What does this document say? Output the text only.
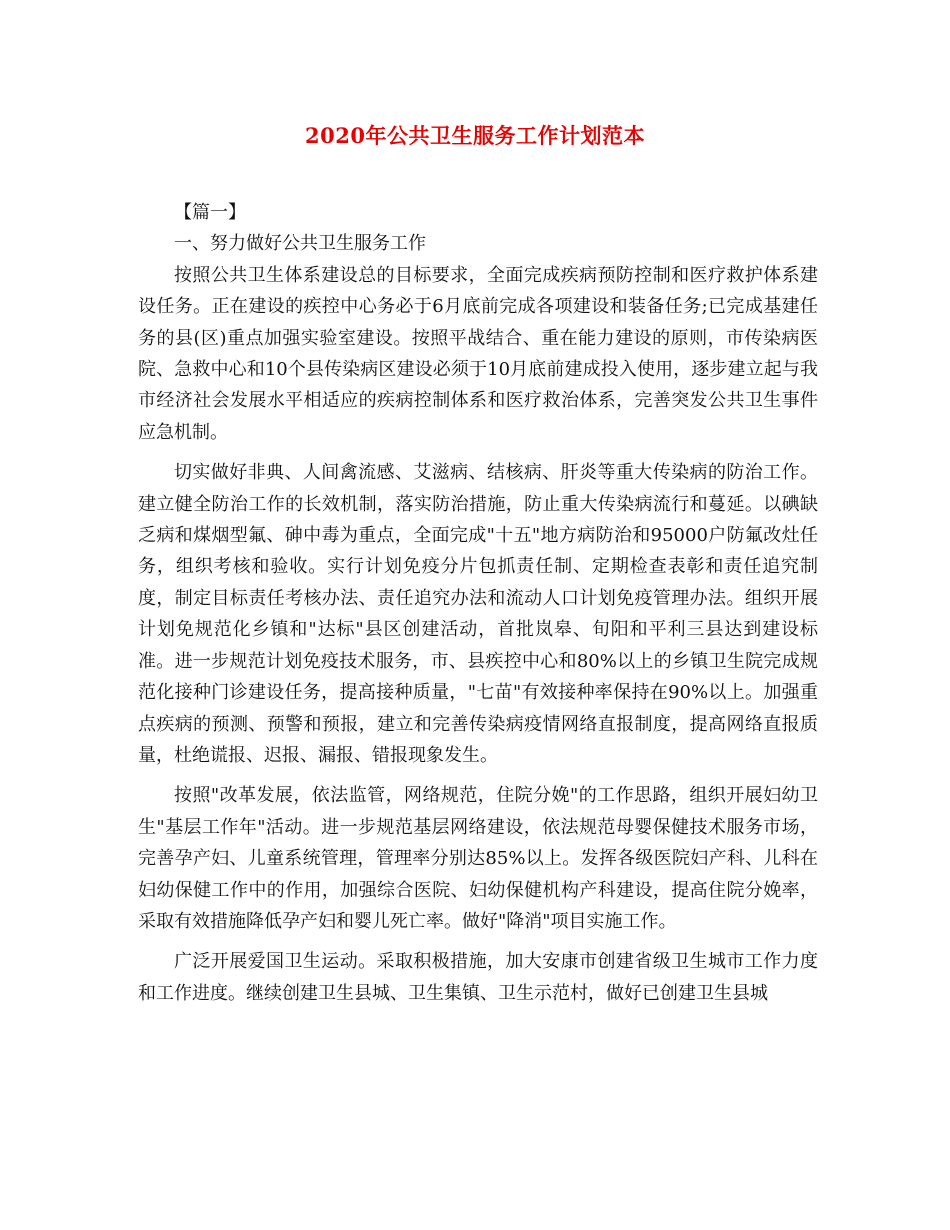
2020年公共卫生服务工作计划范本

【篇一】

一、努力做好公共卫生服务工作

按照公共卫生体系建设总的目标要求，全面完成疾病预防控制和医疗救护体系建设任务。正在建设的疾控中心务必于6月底前完成各项建设和装备任务;已完成基建任务的县(区)重点加强实验室建设。按照平战结合、重在能力建设的原则，市传染病医院、急救中心和10个县传染病区建设必须于10月底前建成投入使用，逐步建立起与我市经济社会发展水平相适应的疾病控制体系和医疗救治体系，完善突发公共卫生事件应急机制。

切实做好非典、人间禽流感、艾滋病、结核病、肝炎等重大传染病的防治工作。建立健全防治工作的长效机制，落实防治措施，防止重大传染病流行和蔓延。以碘缺乏病和煤烟型氟、砷中毒为重点，全面完成"十五"地方病防治和95000户防氟改灶任务，组织考核和验收。实行计划免疫分片包抓责任制、定期检查表彰和责任追究制度，制定目标责任考核办法、责任追究办法和流动人口计划免疫管理办法。组织开展计划免规范化乡镇和"达标"县区创建活动，首批岚皋、旬阳和平利三县达到建设标准。进一步规范计划免疫技术服务，市、县疾控中心和80%以上的乡镇卫生院完成规范化接种门诊建设任务，提高接种质量，"七苗"有效接种率保持在90%以上。加强重点疾病的预测、预警和预报，建立和完善传染病疫情网络直报制度，提高网络直报质量，杜绝谎报、迟报、漏报、错报现象发生。

按照"改革发展，依法监管，网络规范，住院分娩"的工作思路，组织开展妇幼卫生"基层工作年"活动。进一步规范基层网络建设，依法规范母婴保健技术服务市场，完善孕产妇、儿童系统管理，管理率分别达85%以上。发挥各级医院妇产科、儿科在妇幼保健工作中的作用，加强综合医院、妇幼保健机构产科建设，提高住院分娩率，采取有效措施降低孕产妇和婴儿死亡率。做好"降消"项目实施工作。

广泛开展爱国卫生运动。采取积极措施，加大安康市创建省级卫生城市工作力度和工作进度。继续创建卫生县城、卫生集镇、卫生示范村，做好已创建卫生县城
